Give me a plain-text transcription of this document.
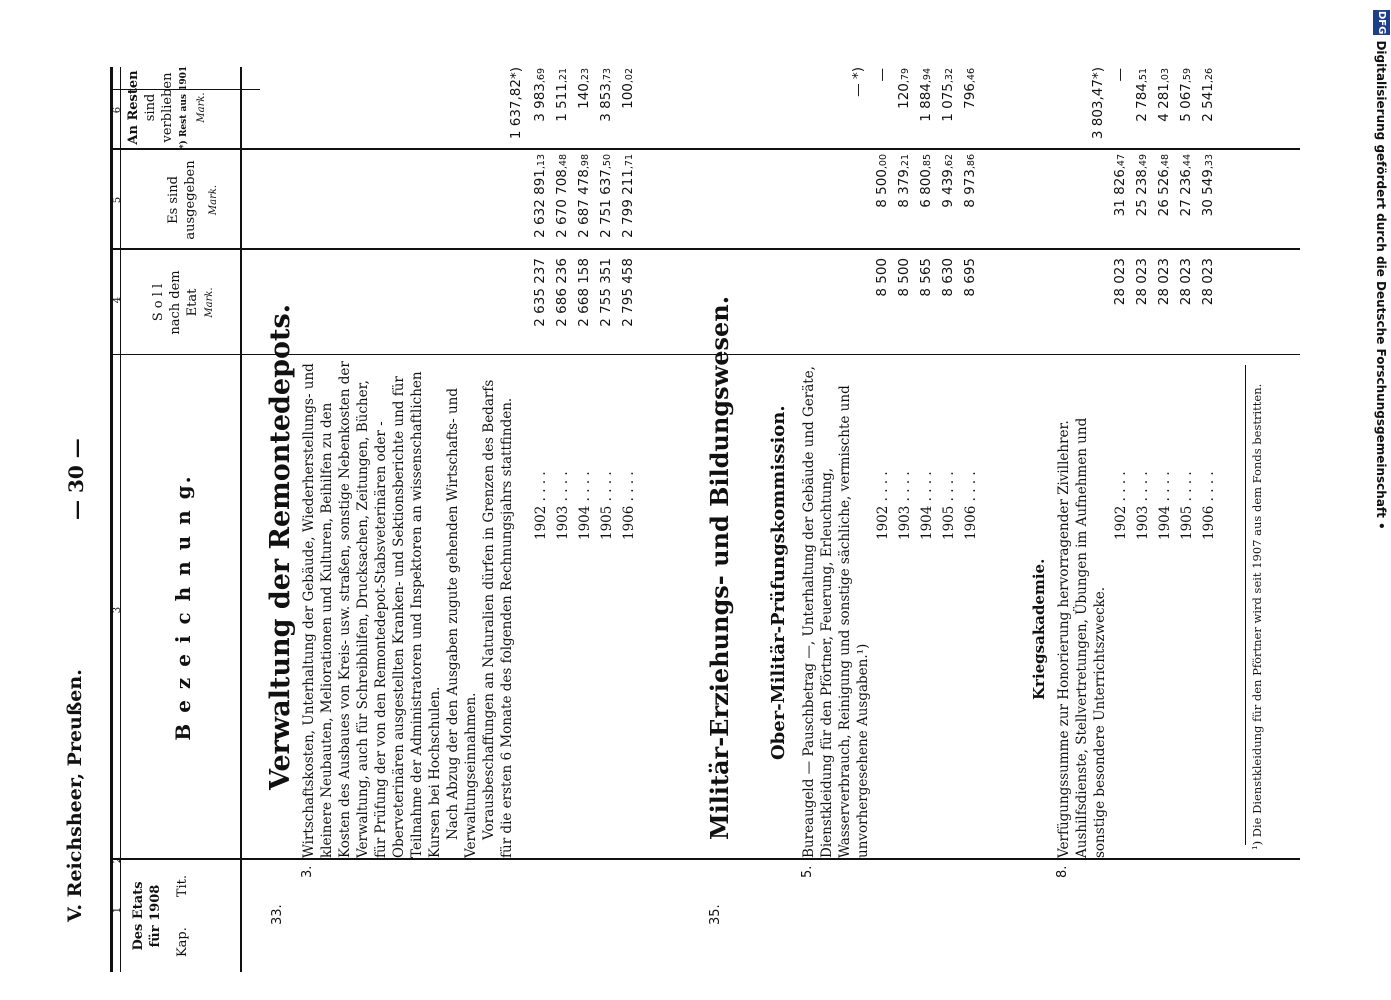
DFG Digitalisierung gefördert durch die Deutsche Forschungsgemeinschaft •
V. Reichsheer, Preußen.
— 30 —
1
2
3
4
5
6
Des Etats für 1908 Kap.
Tit.
B e z e i c h n u n g.
S o l l nach dem Etat Mark.
Es sind ausgegeben	Mark.
An Resten sind verblieben *) Rest aus 1901 Mark.
33.
Verwaltung der Remontedepots.
3.
Wirtschaftskosten, Unterhaltung der Gebäude, Wiederherstellungs- und kleinere Neubauten, Meliorationen und Kulturen, Beihilfen zu den Kosten des Ausbaues von Kreis- usw. straßen, sonstige Nebenkosten der Verwaltung, auch für Schreibhilfen, Drucksachen, Zeitungen, Bücher, für Prüfung der von den Remontedepot-Stabsveterinären oder -Oberveterinären ausgestellten Kranken- und Sektionsberichte und für Teilnahme der Administratoren und Inspektoren an wissenschaftlichen Kursen bei Hochschulen. Nach Abzug der den Ausgaben zugute gehenden Wirtschafts- und Verwaltungseinnahmen. Vorausbeschaffungen an Naturalien dürfen in Grenzen des Bedarfs für die ersten 6 Monate des folgenden Rechnungsjahrs stattfinden.
1 637,82*)
1902 . . . .
2 635 237
2 632 891,13
3 983,69
1903 . . . .
2 686 236
2 670 708,48
1 511,21
1904 . . . .
2 668 158
2 687 478,98
140,23
1905 . . . .
2 755 351
2 751 637,50
3 853,73
1906 . . . .
2 795 458
2 799 211,71
100,02
35.
Militär-Erziehungs- und Bildungswesen. Ober-Militär-Prüfungskommission.
5.
Bureaugeld — Pauschbetrag —, Unterhaltung der Gebäude und Geräte, Dienstkleidung für den Pförtner, Feuerung, Erleuchtung, Wasserverbrauch, Reinigung und sonstige sächliche, vermischte und unvorhergesehene Ausgaben.¹)
— *)
1902 . . . .
8 500
8 500,00
—
1903 . . . .
8 500
8 379,21
120,79
1904 . . . .
8 565
6 800,85
1 884,94
1905 . . . .
8 630
9 439,62
1 075,32
1906 . . . .
8 695
8 973,86
796,46
Kriegsakademie.
8.
Verfügungssumme zur Honorierung hervorragender Zivillehrer. Aushilfsdienste, Stellvertretungen, Übungen im Aufnehmen und sonstige besondere Unterrichtszwecke.
3 803,47*)
1902 . . . .
28 023
31 826,47
—
1903 . . . .
28 023
25 238,49
2 784,51
1904 . . . .
28 023
26 526,48
4 281,03
1905 . . . .
28 023
27 236,44
5 067,59
1906 . . . .
28 023
30 549,33
2 541,26
¹) Die Dienstkleidung für den Pförtner wird seit 1907 aus dem Fonds bestritten.
